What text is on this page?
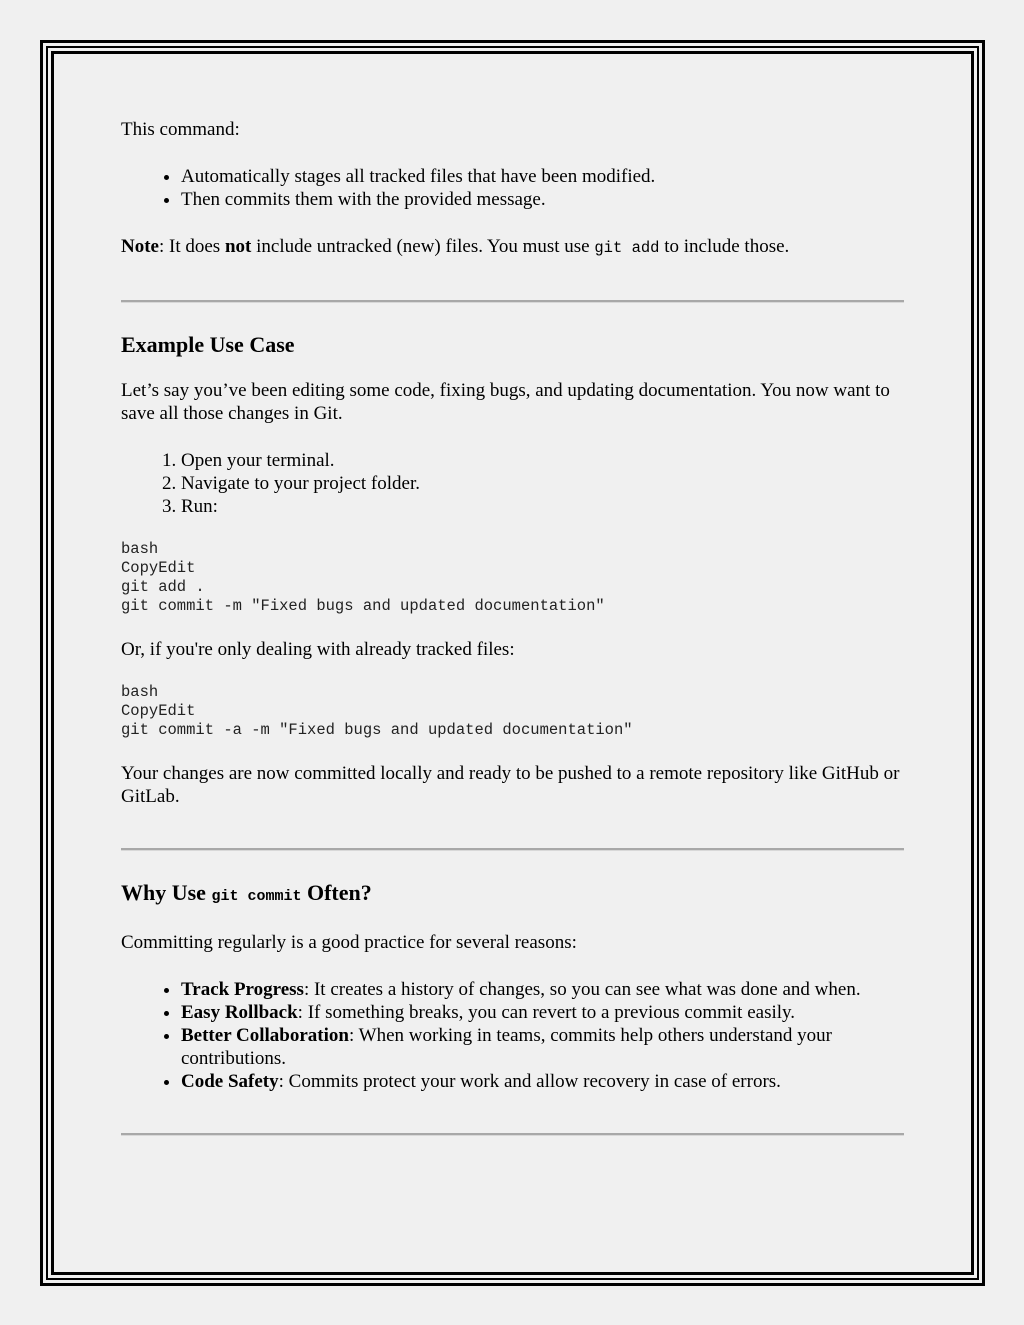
This command:

• Automatically stages all tracked files that have been modified.
• Then commits them with the provided message.

Note: It does not include untracked (new) files. You must use git add to include those.

Example Use Case

Let’s say you’ve been editing some code, fixing bugs, and updating documentation. You now want to save all those changes in Git.

1. Open your terminal.
2. Navigate to your project folder.
3. Run:
bash
CopyEdit
git add .
git commit -m "Fixed bugs and updated documentation"

Or, if you're only dealing with already tracked files:

bash
CopyEdit
git commit -a -m "Fixed bugs and updated documentation"

Your changes are now committed locally and ready to be pushed to a remote repository like GitHub or GitLab.

Why Use git commit Often?

Committing regularly is a good practice for several reasons:

• Track Progress: It creates a history of changes, so you can see what was done and when.
• Easy Rollback: If something breaks, you can revert to a previous commit easily.
• Better Collaboration: When working in teams, commits help others understand your contributions.
• Code Safety: Commits protect your work and allow recovery in case of errors.
